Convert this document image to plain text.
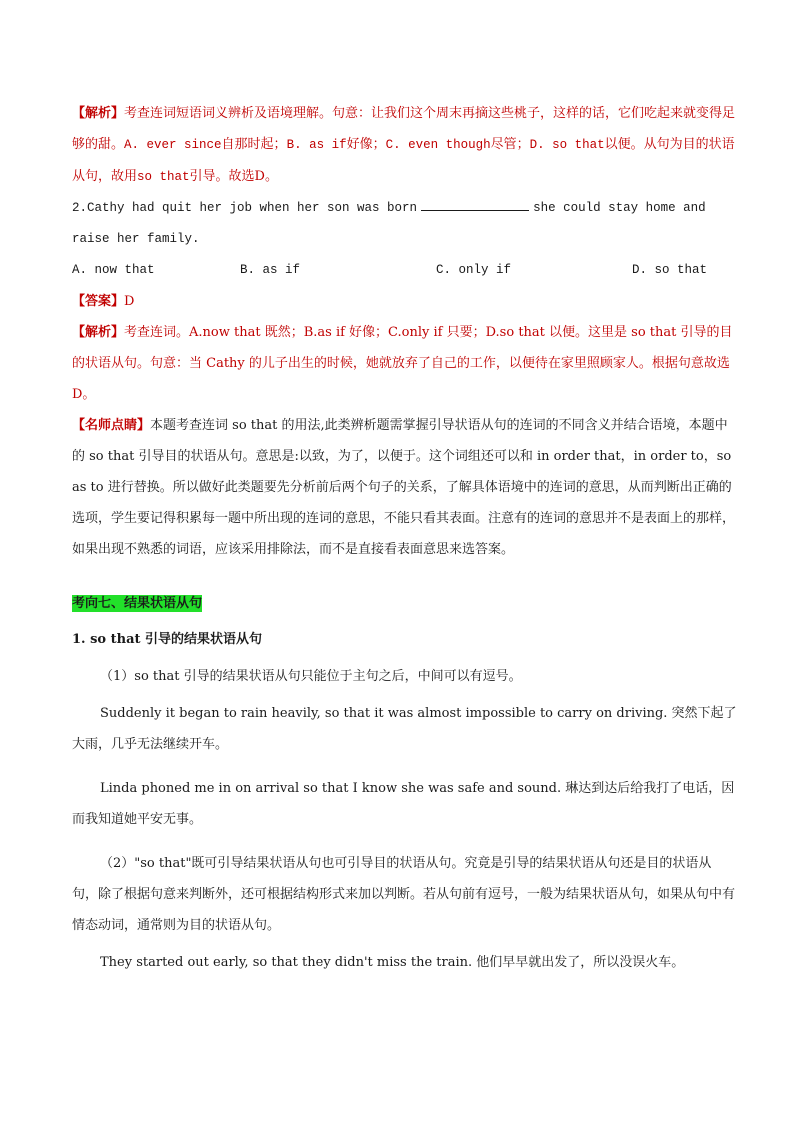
【解析】考查连词短语词义辨析及语境理解。句意：让我们这个周末再摘这些桃子，这样的话，它们吃起来就变得足够的甜。A. ever since自那时起；B. as if好像；C. even though尽管；D. so that以便。从句为目的状语从句，故用so that引导。故选D。

2.Cathy had quit her job when her son was born	she could stay home and raise her family.

A. now that	B. as if	C. only if	D. so that

【答案】D

【解析】考查连词。A.now that 既然；B.as if 好像；C.only if 只要；D.so that 以便。这里是 so that 引导的目的状语从句。句意：当 Cathy 的儿子出生的时候，她就放弃了自己的工作，以便待在家里照顾家人。根据句意故选D。

【名师点睛】本题考查连词 so that 的用法,此类辨析题需掌握引导状语从句的连词的不同含义并结合语境，本题中的 so that 引导目的状语从句。意思是:以致，为了，以便于。这个词组还可以和 in order that，in order to，so as to 进行替换。所以做好此类题要先分析前后两个句子的关系，了解具体语境中的连词的意思，从而判断出正确的选项，学生要记得积累每一题中所出现的连词的意思，不能只看其表面。注意有的连词的意思并不是表面上的那样，如果出现不熟悉的词语，应该采用排除法，而不是直接看表面意思来选答案。

考向七、结果状语从句
1. so that 引导的结果状语从句

（1）so that 引导的结果状语从句只能位于主句之后，中间可以有逗号。

Suddenly it began to rain heavily, so that it was almost impossible to carry on driving. 突然下起了大雨，几乎无法继续开车。

Linda phoned me in on arrival so that I know she was safe and sound. 琳达到达后给我打了电话，因而我知道她平安无事。

（2）"so that"既可引导结果状语从句也可引导目的状语从句。究竟是引导的结果状语从句还是目的状语从句，除了根据句意来判断外，还可根据结构形式来加以判断。若从句前有逗号，一般为结果状语从句，如果从句中有情态动词，通常则为目的状语从句。

They started out early, so that they didn't miss the train. 他们早早就出发了，所以没误火车。
